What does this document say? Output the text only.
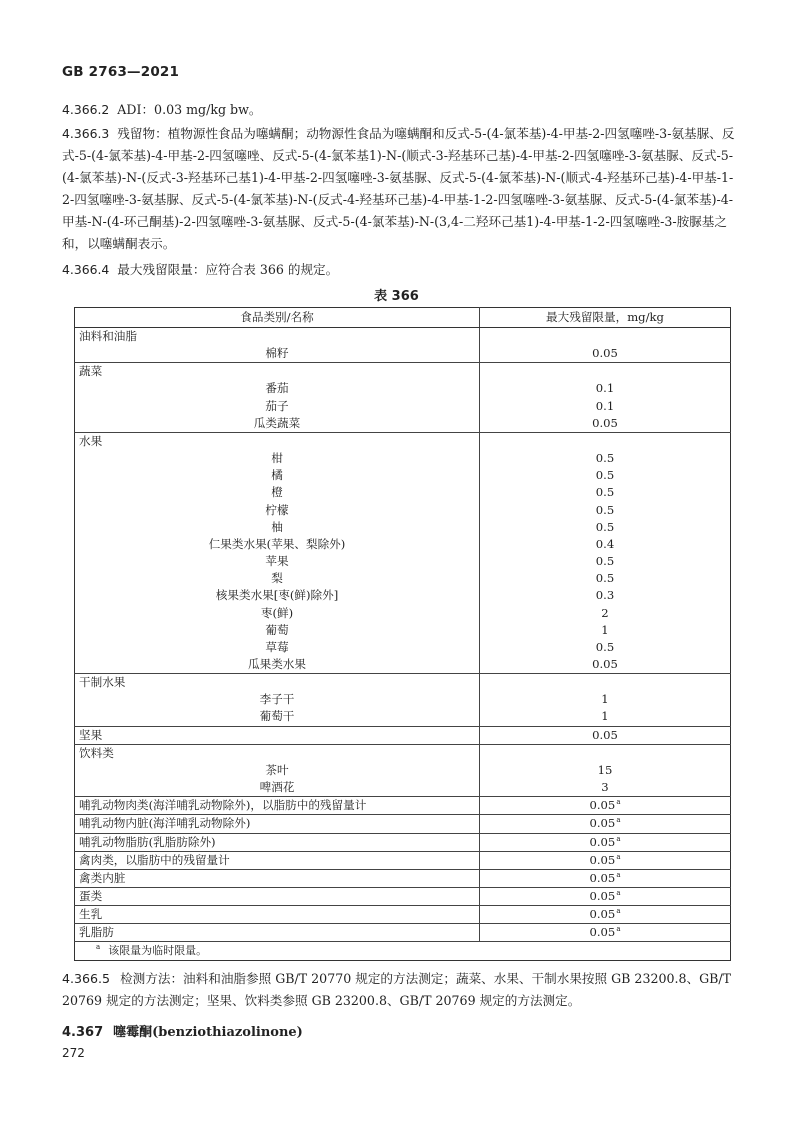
GB 2763—2021

4.366.2 ADI：0.03 mg/kg bw。

4.366.3 残留物：植物源性食品为噻螨酮；动物源性食品为噻螨酮和反式-5-(4-氯苯基)-4-甲基-2-四氢噻唑-3-氨基脲、反式-5-(4-氯苯基)-4-甲基-2-四氢噻唑、反式-5-(4-氯苯基1)-N-(顺式-3-羟基环己基)-4-甲基-2-四氢噻唑-3-氨基脲、反式-5-(4-氯苯基)-N-(反式-3-羟基环己基1)-4-甲基-2-四氢噻唑-3-氨基脲、反式-5-(4-氯苯基)-N-(顺式-4-羟基环己基)-4-甲基-1-2-四氢噻唑-3-氨基脲、反式-5-(4-氯苯基)-N-(反式-4-羟基环己基)-4-甲基-1-2-四氢噻唑-3-氨基脲、反式-5-(4-氯苯基)-4-甲基-N-(4-环己酮基)-2-四氢噻唑-3-氨基脲、反式-5-(4-氯苯基)-N-(3,4-二羟环己基1)-4-甲基-1-2-四氢噻唑-3-胺脲基之和，以噻螨酮表示。

4.366.4 最大残留限量：应符合表 366 的规定。

表 366
食品类别/名称	最大残留限量，mg/kg
油料和油脂	

棉籽	0.05
蔬菜	

番茄	0.1

茄子	0.1

瓜类蔬菜	0.05
水果	

柑	0.5

橘	0.5

橙	0.5

柠檬	0.5

柚	0.5

仁果类水果(苹果、梨除外)	0.4

苹果	0.5

梨	0.5

核果类水果[枣(鲜)除外]	0.3

枣(鲜)	2

葡萄	1

草莓	0.5

瓜果类水果	0.05
干制水果	

李子干	1

葡萄干	1
坚果	0.05
饮料类	

茶叶	15

啤酒花	3
哺乳动物肉类(海洋哺乳动物除外)，以脂肪中的残留量计	0.05$^a$
哺乳动物内脏(海洋哺乳动物除外)	0.05$^a$
哺乳动物脂肪(乳脂肪除外)	0.05$^a$
禽肉类，以脂肪中的残留量计	0.05$^a$
禽类内脏	0.05$^a$
蛋类	0.05$^a$
生乳	0.05$^a$
乳脂肪	0.05$^a$
$^a$ 该限量为临时限量。	
4.366.5 检测方法：油料和油脂参照 GB/T 20770 规定的方法测定；蔬菜、水果、干制水果按照 GB 23200.8、GB/T 20769 规定的方法测定；坚果、饮料类参照 GB 23200.8、GB/T 20769 规定的方法测定。
4.367 噻霉酮(benziothiazolinone)
272
